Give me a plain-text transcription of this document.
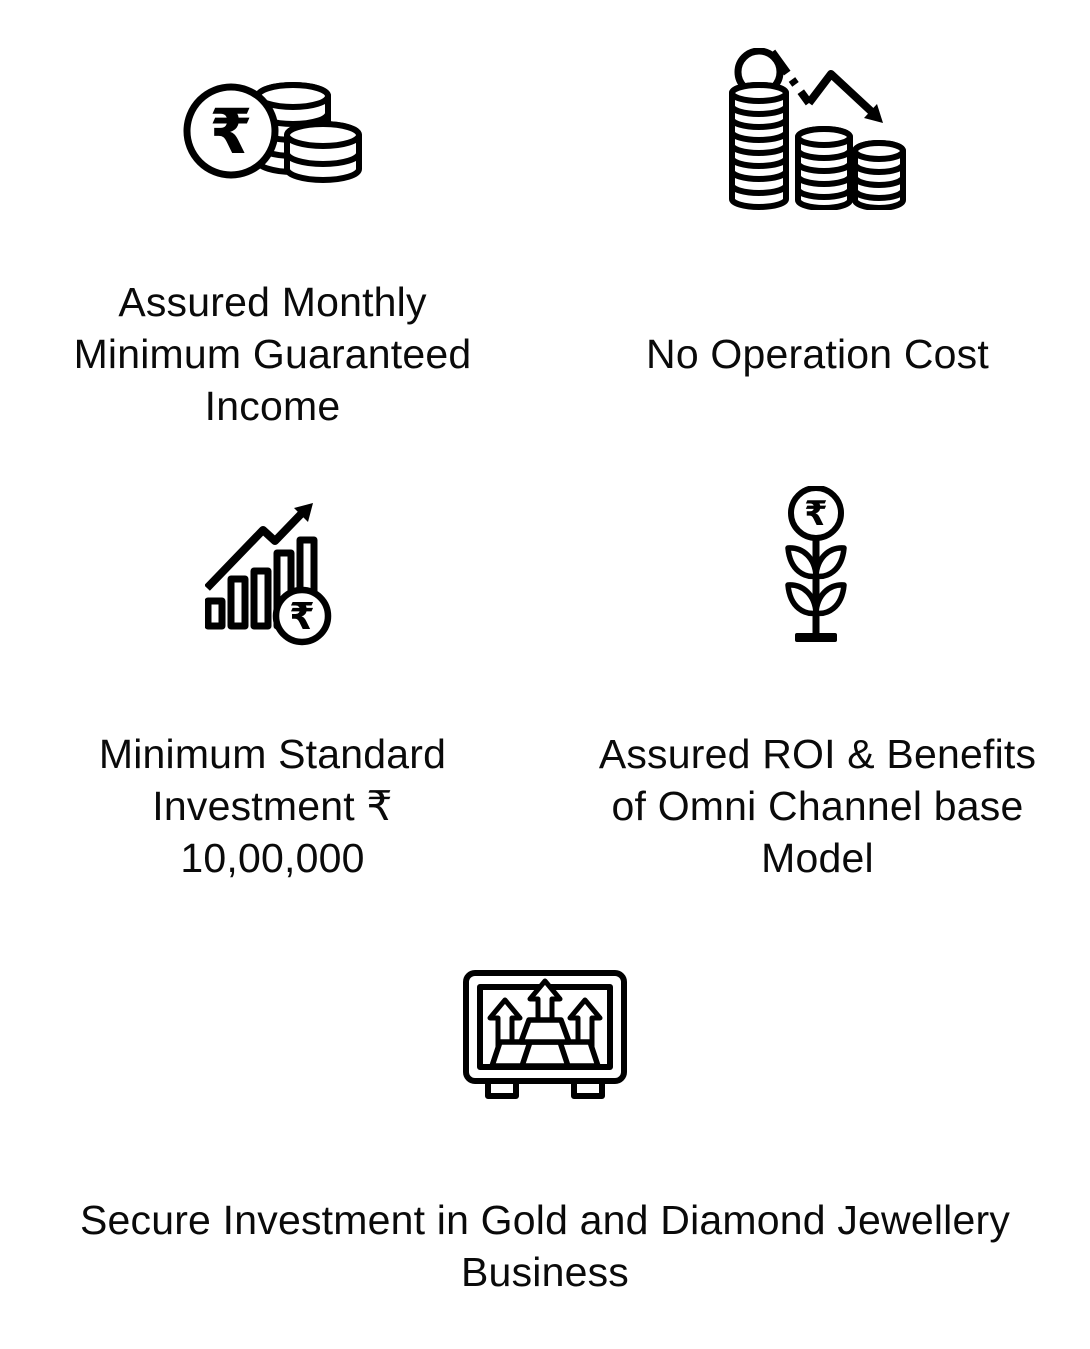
₹
Assured Monthly
Minimum Guaranteed
Income
No Operation Cost
₹
Minimum Standard
Investment ₹
10,00,000
₹
Assured ROI & Benefits
of Omni Channel base
Model
Secure Investment in Gold and Diamond Jewellery
Business
